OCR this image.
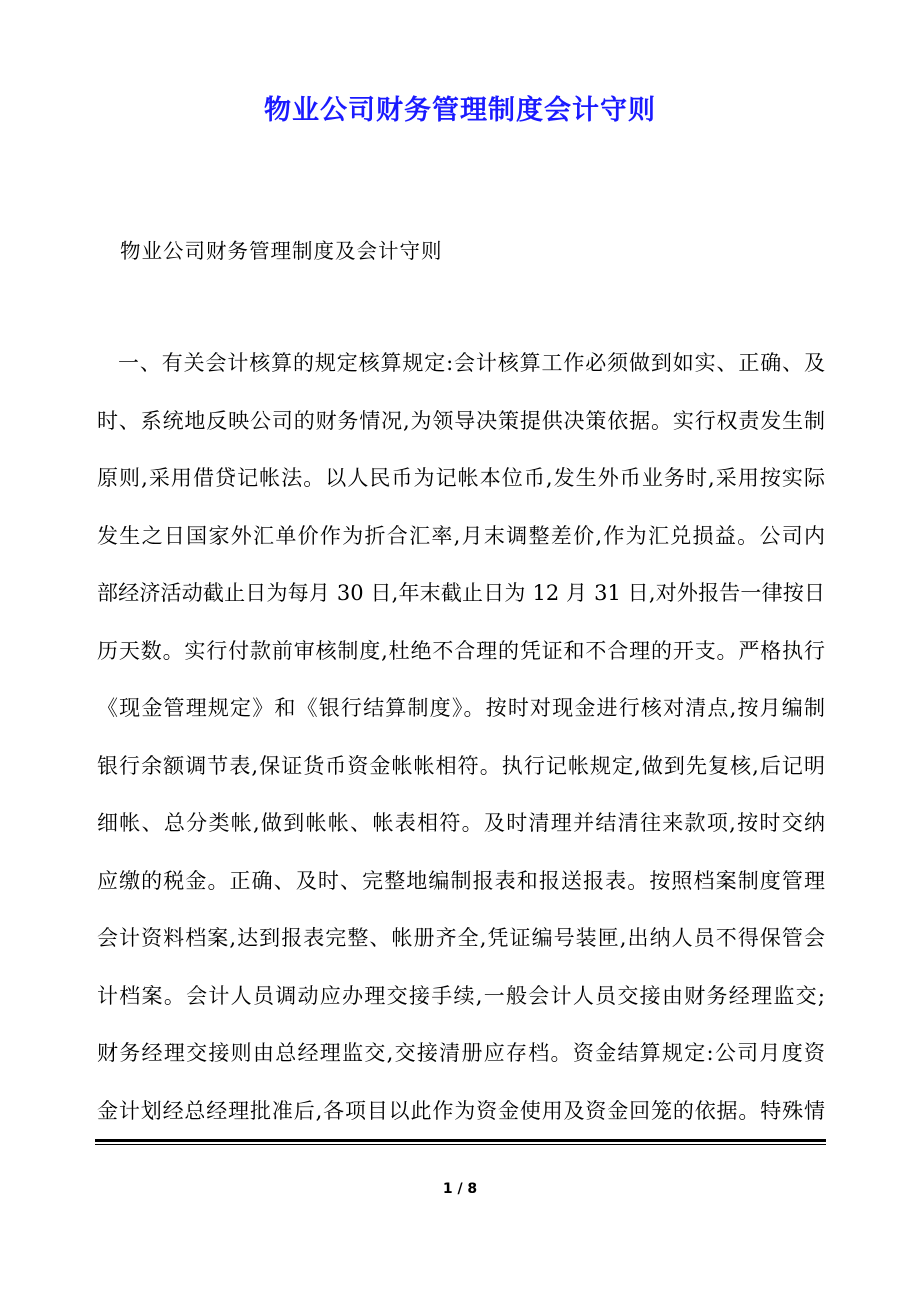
物业公司财务管理制度会计守则
物业公司财务管理制度及会计守则
一、有关会计核算的规定核算规定:会计核算工作必须做到如实、正确、及
时、系统地反映公司的财务情况,为领导决策提供决策依据。实行权责发生制
原则,采用借贷记帐法。以人民币为记帐本位币,发生外币业务时,采用按实际
发生之日国家外汇单价作为折合汇率,月末调整差价,作为汇兑损益。公司内
部经济活动截止日为每月 30 日,年末截止日为 12 月 31 日,对外报告一律按日
历天数。实行付款前审核制度,杜绝不合理的凭证和不合理的开支。严格执行
《现金管理规定》和《银行结算制度》。按时对现金进行核对清点,按月编制
银行余额调节表,保证货币资金帐帐相符。执行记帐规定,做到先复核,后记明
细帐、总分类帐,做到帐帐、帐表相符。及时清理并结清往来款项,按时交纳
应缴的税金。正确、及时、完整地编制报表和报送报表。按照档案制度管理
会计资料档案,达到报表完整、帐册齐全,凭证编号装匣,出纳人员不得保管会
计档案。会计人员调动应办理交接手续,一般会计人员交接由财务经理监交;
财务经理交接则由总经理监交,交接清册应存档。资金结算规定:公司月度资
金计划经总经理批准后,各项目以此作为资金使用及资金回笼的依据。特殊情
1 / 8
